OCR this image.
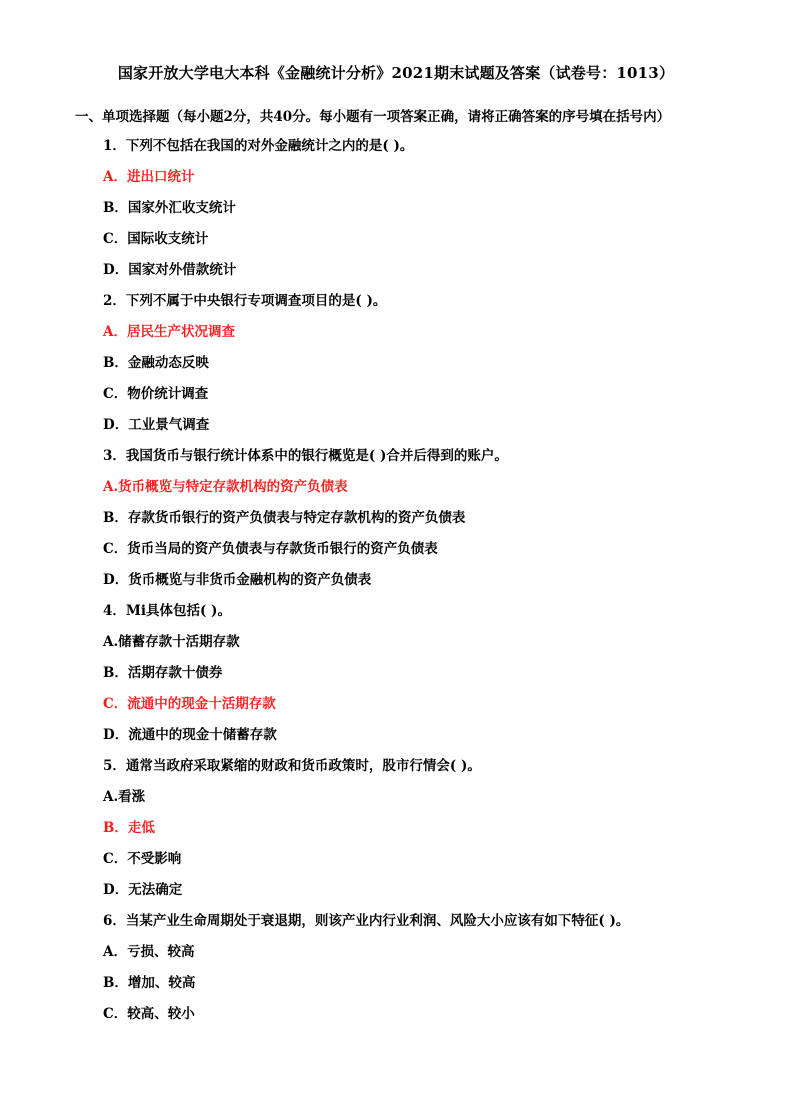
国家开放大学电大本科《金融统计分析》2021期末试题及答案（试卷号：1013）
一、单项选择题（每小题2分，共40分。每小题有一项答案正确，请将正确答案的序号填在括号内）
1．下列不包括在我国的对外金融统计之内的是( )。
A．进出口统计
B．国家外汇收支统计
C．国际收支统计
D．国家对外借款统计
2．下列不属于中央银行专项调查项目的是( )。
A．居民生产状况调查
B．金融动态反映
C．物价统计调查
D．工业景气调查
3．我国货币与银行统计体系中的银行概览是( )合并后得到的账户。
A.货币概览与特定存款机构的资产负债表
B．存款货币银行的资产负债表与特定存款机构的资产负债表
C．货币当局的资产负债表与存款货币银行的资产负债表
D．货币概览与非货币金融机构的资产负债表
4．Mi具体包括( )。
A.储蓄存款十活期存款
B．活期存款十债券
C．流通中的现金十活期存款
D．流通中的现金十储蓄存款
5．通常当政府采取紧缩的财政和货币政策时，股市行情会( )。
A.看涨
B．走低
C．不受影响
D．无法确定
6．当某产业生命周期处于衰退期，则该产业内行业利润、风险大小应该有如下特征( )。
A．亏损、较高
B．增加、较高
C．较高、较小
